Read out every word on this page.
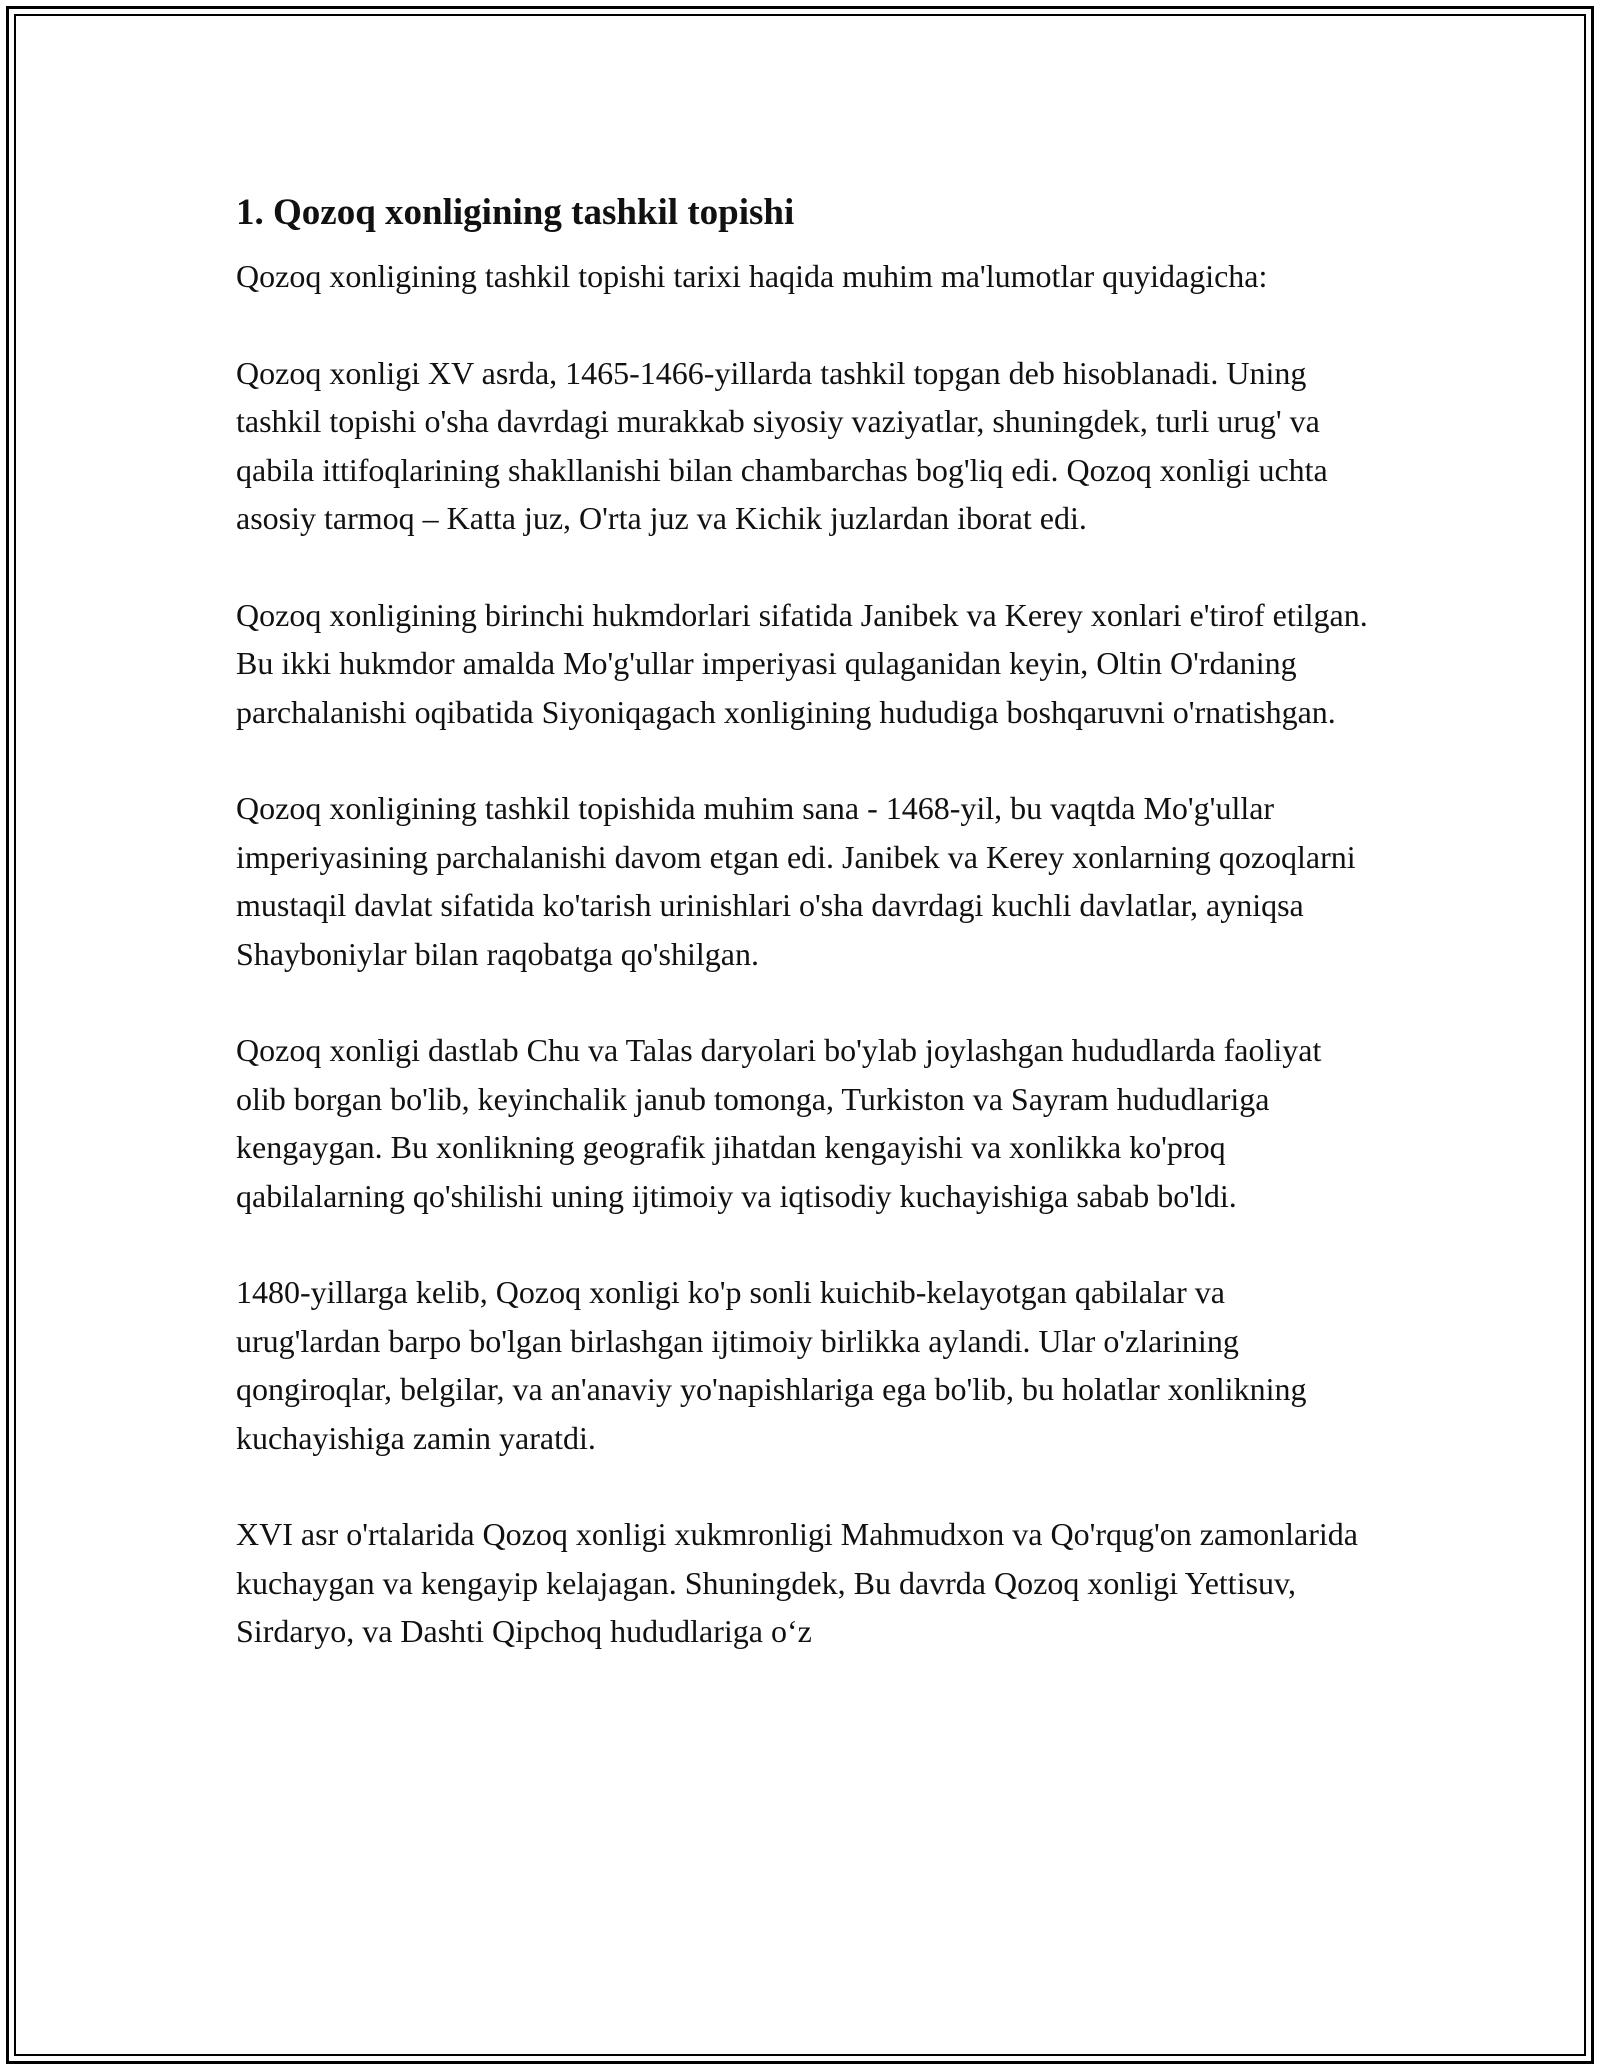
1. Qozoq xonligining tashkil topishi

Qozoq xonligining tashkil topishi tarixi haqida muhim ma'lumotlar quyidagicha:

Qozoq xonligi XV asrda, 1465-1466-yillarda tashkil topgan deb hisoblanadi. Uning tashkil topishi o'sha davrdagi murakkab siyosiy vaziyatlar, shuningdek, turli urug' va qabila ittifoqlarining shakllanishi bilan chambarchas bog'liq edi. Qozoq xonligi uchta asosiy tarmoq – Katta juz, O'rta juz va Kichik juzlardan iborat edi.

Qozoq xonligining birinchi hukmdorlari sifatida Janibek va Kerey xonlari e'tirof etilgan. Bu ikki hukmdor amalda Mo'g'ullar imperiyasi qulaganidan keyin, Oltin O'rdaning parchalanishi oqibatida Siyoniqagach xonligining hududiga boshqaruvni o'rnatishgan.

Qozoq xonligining tashkil topishida muhim sana - 1468-yil, bu vaqtda Mo'g'ullar imperiyasining parchalanishi davom etgan edi. Janibek va Kerey xonlarning qozoqlarni mustaqil davlat sifatida ko'tarish urinishlari o'sha davrdagi kuchli davlatlar, ayniqsa Shayboniylar bilan raqobatga qo'shilgan.

Qozoq xonligi dastlab Chu va Talas daryolari bo'ylab joylashgan hududlarda faoliyat olib borgan bo'lib, keyinchalik janub tomonga, Turkiston va Sayram hududlariga kengaygan. Bu xonlikning geografik jihatdan kengayishi va xonlikka ko'proq qabilalarning qo'shilishi uning ijtimoiy va iqtisodiy kuchayishiga sabab bo'ldi.

1480-yillarga kelib, Qozoq xonligi ko'p sonli kuichib-kelayotgan qabilalar va urug'lardan barpo bo'lgan birlashgan ijtimoiy birlikka aylandi. Ular o'zlarining qongiroqlar, belgilar, va an'anaviy yo'napishlariga ega bo'lib, bu holatlar xonlikning kuchayishiga zamin yaratdi.

XVI asr o'rtalarida Qozoq xonligi xukmronligi Mahmudxon va Qo'rqug'on zamonlarida kuchaygan va kengayip kelajagan. Shuningdek, Bu davrda Qozoq xonligi Yettisuv, Sirdaryo, va Dashti Qipchoq hududlariga o‘z
